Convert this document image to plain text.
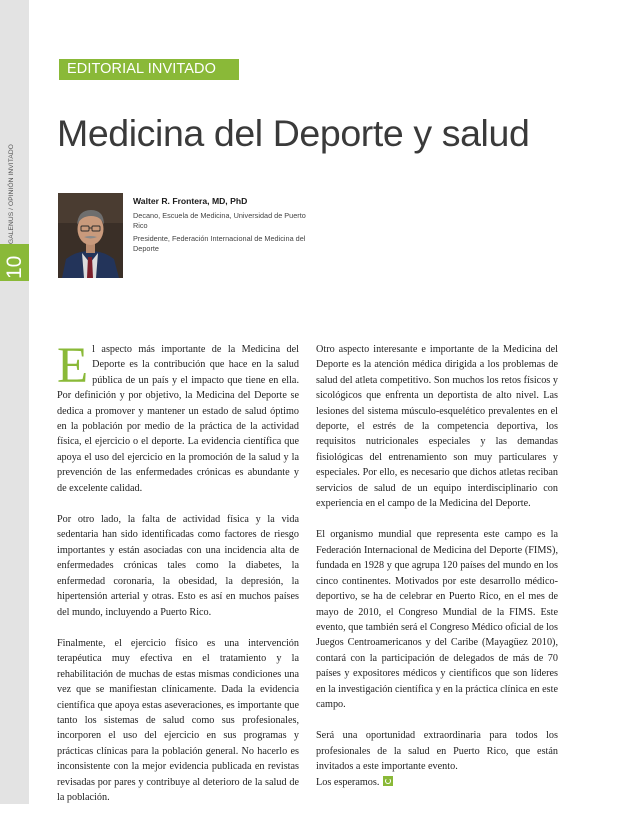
GALENUS / OPINIÓN INVITADO
10
EDITORIAL INVITADO
Medicina del Deporte y salud
Walter R. Frontera, MD, PhD
Decano, Escuela de Medicina, Universidad de Puerto Rico
Presidente, Federación Internacional de Medicina del Deporte

El aspecto más importante de la Medicina del Deporte es la contribución que hace en la salud pública de un país y el impacto que tiene en ella. Por definición y por objetivo, la Medicina del Deporte se dedica a promover y mantener un estado de salud óptimo en la población por medio de la práctica de la actividad física, el ejercicio o el deporte. La evidencia científica que apoya el uso del ejercicio en la promoción de la salud y la prevención de las enfermedades crónicas es abundante y de excelente calidad.

Por otro lado, la falta de actividad física y la vida sedentaria han sido identificadas como factores de riesgo importantes y están asociadas con una incidencia alta de enfermedades crónicas tales como la diabetes, la enfermedad coronaria, la obesidad, la depresión, la hipertensión arterial y otras. Esto es así en muchos países del mundo, incluyendo a Puerto Rico.

Finalmente, el ejercicio físico es una intervención terapéutica muy efectiva en el tratamiento y la rehabilitación de muchas de estas mismas condiciones una vez que se manifiestan clínicamente. Dada la evidencia científica que apoya estas aseveraciones, es importante que tanto los sistemas de salud como sus profesionales, incorporen el uso del ejercicio en sus programas y prácticas clínicas para la población general. No hacerlo es inconsistente con la mejor evidencia publicada en revistas revisadas por pares y contribuye al deterioro de la salud de la población.

Otro aspecto interesante e importante de la Medicina del Deporte es la atención médica dirigida a los problemas de salud del atleta competitivo. Son muchos los retos físicos y sicológicos que enfrenta un deportista de alto nivel. Las lesiones del sistema músculo-esquelético prevalentes en el deporte, el estrés de la competencia deportiva, los requisitos nutricionales especiales y las demandas fisiológicas del entrenamiento son muy particulares y especiales. Por ello, es necesario que dichos atletas reciban servicios de salud de un equipo interdisciplinario con experiencia en el campo de la Medicina del Deporte.

El organismo mundial que representa este campo es la Federación Internacional de Medicina del Deporte (FIMS), fundada en 1928 y que agrupa 120 países del mundo en los cinco continentes. Motivados por este desarrollo médico-deportivo, se ha de celebrar en Puerto Rico, en el mes de mayo de 2010, el Congreso Mundial de la FIMS. Este evento, que también será el Congreso Médico oficial de los Juegos Centroamericanos y del Caribe (Mayagüez 2010), contará con la participación de delegados de más de 70 países y expositores médicos y científicos que son líderes en la investigación científica y en la práctica clínica en este campo.

Será una oportunidad extraordinaria para todos los profesionales de la salud en Puerto Rico, que están invitados a este importante evento.

Los esperamos.
